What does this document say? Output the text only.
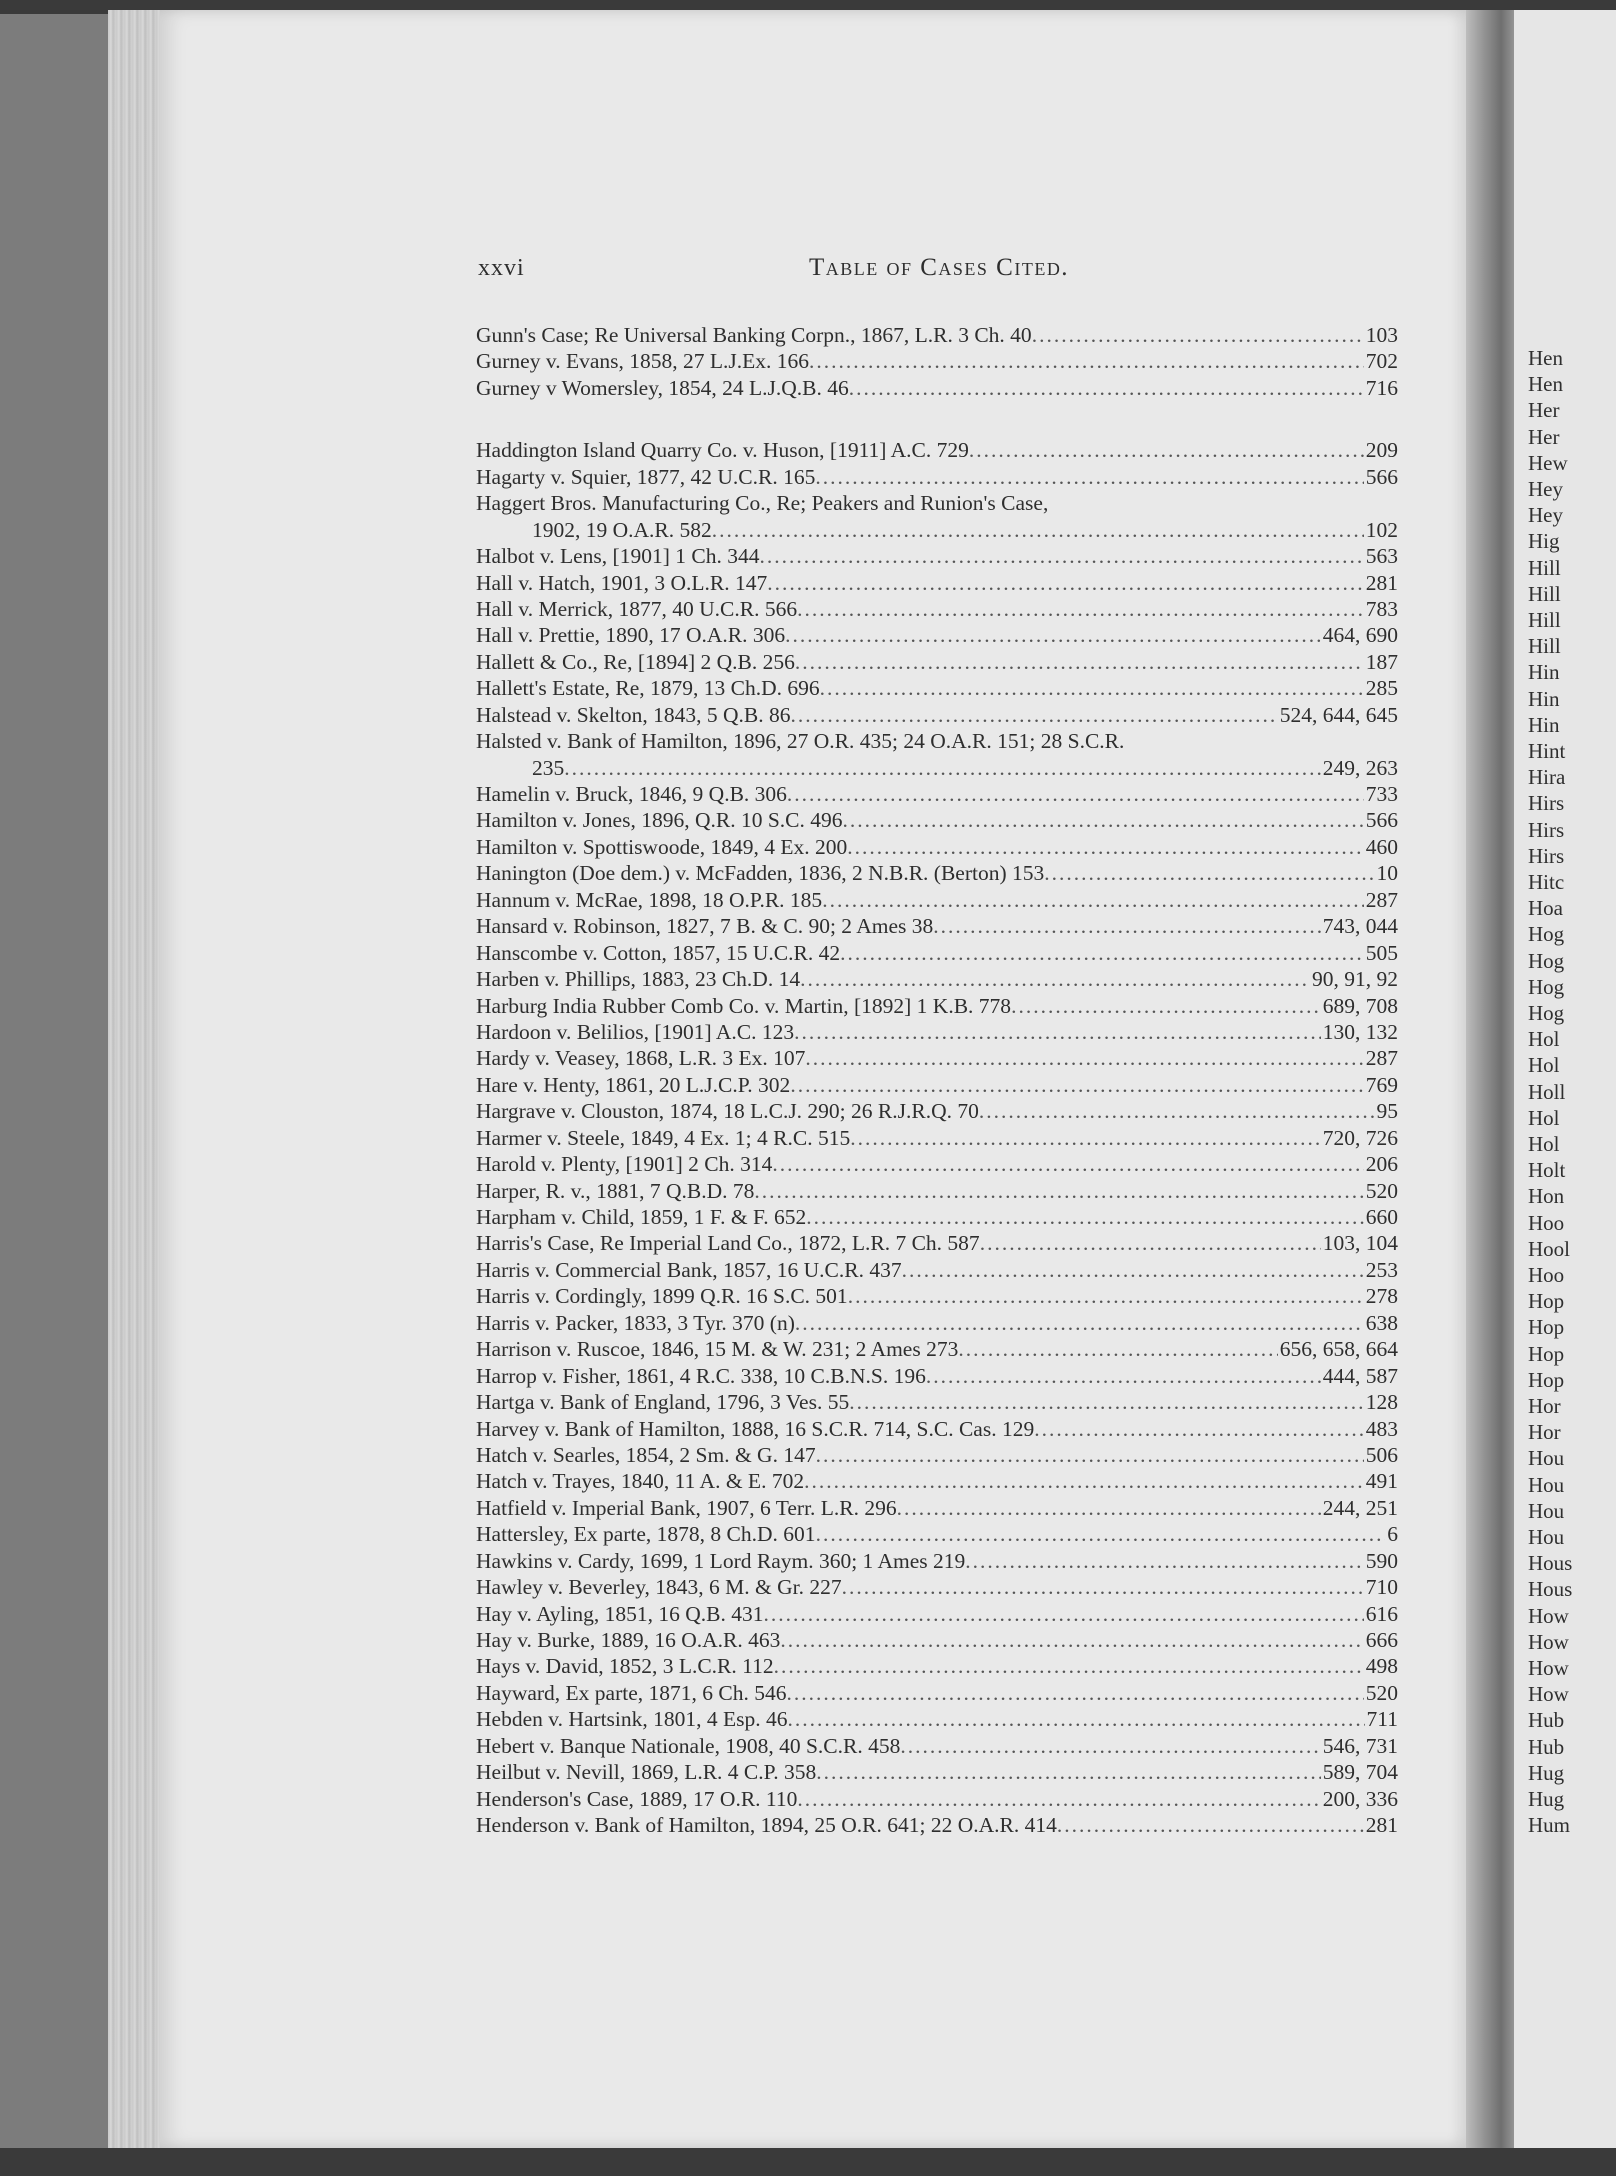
Hen
Hen
Her
Her
Hew
Hey
Hey
Hig
Hill
Hill
Hill
Hill
Hin
Hin
Hin
Hint
Hira
Hirs
Hirs
Hirs
Hitc
Hoa
Hog
Hog
Hog
Hog
Hol
Hol
Holl
Hol
Hol
Holt
Hon
Hoo
Hool
Hoo
Hop
Hop
Hop
Hop
Hor
Hor
Hou
Hou
Hou
Hou
Hous
Hous
How
How
How
How
Hub
Hub
Hug
Hug
Hum
xxvi	Table of Cases Cited.
Gunn's Case; Re Universal Banking Corpn., 1867, L.R. 3 Ch. 40 .....	103
Gurney v. Evans, 1858, 27 L.J.Ex. 166 .....	702
Gurney v Womersley, 1854, 24 L.J.Q.B. 46 .....	716
Haddington Island Quarry Co. v. Huson, [1911] A.C. 729 .....	209
Hagarty v. Squier, 1877, 42 U.C.R. 165 .....	566
Haggert Bros. Manufacturing Co., Re; Peakers and Runion's Case,
1902, 19 O.A.R. 582 .....	102
Halbot v. Lens, [1901] 1 Ch. 344 .....	563
Hall v. Hatch, 1901, 3 O.L.R. 147 .....	281
Hall v. Merrick, 1877, 40 U.C.R. 566 .....	783
Hall v. Prettie, 1890, 17 O.A.R. 306 .....	464, 690
Hallett & Co., Re, [1894] 2 Q.B. 256 .....	187
Hallett's Estate, Re, 1879, 13 Ch.D. 696 .....	285
Halstead v. Skelton, 1843, 5 Q.B. 86 .....	524, 644, 645
Halsted v. Bank of Hamilton, 1896, 27 O.R. 435; 24 O.A.R. 151; 28 S.C.R.
235 .....	249, 263
Hamelin v. Bruck, 1846, 9 Q.B. 306 .....	733
Hamilton v. Jones, 1896, Q.R. 10 S.C. 496 .....	566
Hamilton v. Spottiswoode, 1849, 4 Ex. 200 .....	460
Hanington (Doe dem.) v. McFadden, 1836, 2 N.B.R. (Berton) 153 .....	10
Hannum v. McRae, 1898, 18 O.P.R. 185 .....	287
Hansard v. Robinson, 1827, 7 B. & C. 90; 2 Ames 38 .....	743, 044
Hanscombe v. Cotton, 1857, 15 U.C.R. 42 .....	505
Harben v. Phillips, 1883, 23 Ch.D. 14 .....	90, 91, 92
Harburg India Rubber Comb Co. v. Martin, [1892] 1 K.B. 778 .....	689, 708
Hardoon v. Belilios, [1901] A.C. 123 .....	130, 132
Hardy v. Veasey, 1868, L.R. 3 Ex. 107 .....	287
Hare v. Henty, 1861, 20 L.J.C.P. 302 .....	769
Hargrave v. Clouston, 1874, 18 L.C.J. 290; 26 R.J.R.Q. 70 .....	95
Harmer v. Steele, 1849, 4 Ex. 1; 4 R.C. 515 .....	720, 726
Harold v. Plenty, [1901] 2 Ch. 314 .....	206
Harper, R. v., 1881, 7 Q.B.D. 78 .....	520
Harpham v. Child, 1859, 1 F. & F. 652 .....	660
Harris's Case, Re Imperial Land Co., 1872, L.R. 7 Ch. 587 .....	103, 104
Harris v. Commercial Bank, 1857, 16 U.C.R. 437 .....	253
Harris v. Cordingly, 1899 Q.R. 16 S.C. 501 .....	278
Harris v. Packer, 1833, 3 Tyr. 370 (n) .....	638
Harrison v. Ruscoe, 1846, 15 M. & W. 231; 2 Ames 273 .....	656, 658, 664
Harrop v. Fisher, 1861, 4 R.C. 338, 10 C.B.N.S. 196 .....	444, 587
Hartga v. Bank of England, 1796, 3 Ves. 55 .....	128
Harvey v. Bank of Hamilton, 1888, 16 S.C.R. 714, S.C. Cas. 129 .....	483
Hatch v. Searles, 1854, 2 Sm. & G. 147 .....	506
Hatch v. Trayes, 1840, 11 A. & E. 702 .....	491
Hatfield v. Imperial Bank, 1907, 6 Terr. L.R. 296 .....	244, 251
Hattersley, Ex parte, 1878, 8 Ch.D. 601 .....	6
Hawkins v. Cardy, 1699, 1 Lord Raym. 360; 1 Ames 219 .....	590
Hawley v. Beverley, 1843, 6 M. & Gr. 227 .....	710
Hay v. Ayling, 1851, 16 Q.B. 431 .....	616
Hay v. Burke, 1889, 16 O.A.R. 463 .....	666
Hays v. David, 1852, 3 L.C.R. 112 .....	498
Hayward, Ex parte, 1871, 6 Ch. 546 .....	520
Hebden v. Hartsink, 1801, 4 Esp. 46 .....	711
Hebert v. Banque Nationale, 1908, 40 S.C.R. 458 .....	546, 731
Heilbut v. Nevill, 1869, L.R. 4 C.P. 358 .....	589, 704
Henderson's Case, 1889, 17 O.R. 110 .....	200, 336
Henderson v. Bank of Hamilton, 1894, 25 O.R. 641; 22 O.A.R. 414 .....	281
